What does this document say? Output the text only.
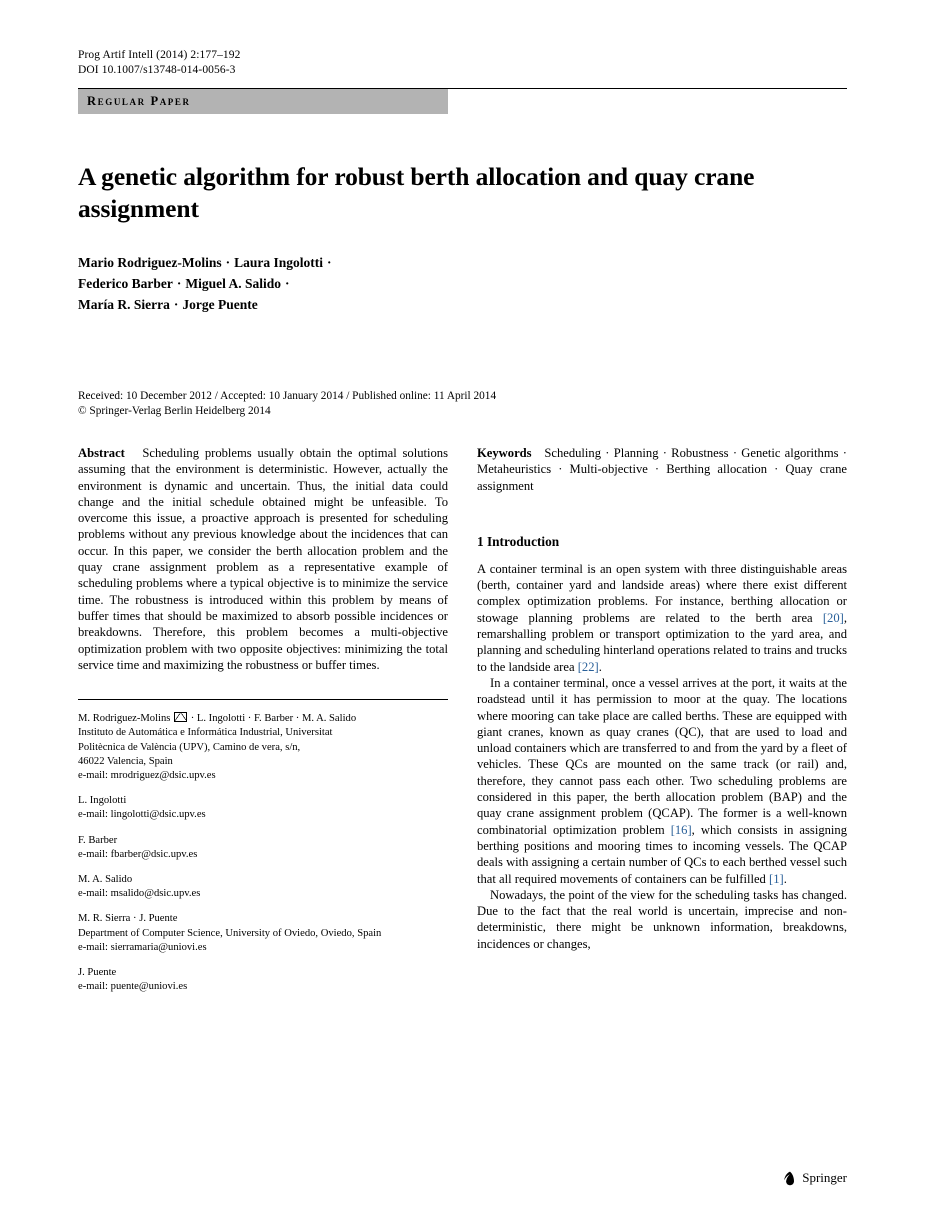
Prog Artif Intell (2014) 2:177–192
DOI 10.1007/s13748-014-0056-3
Regular Paper
A genetic algorithm for robust berth allocation and quay crane assignment
Mario Rodriguez-Molins · Laura Ingolotti ·
Federico Barber · Miguel A. Salido ·
María R. Sierra · Jorge Puente
Received: 10 December 2012 / Accepted: 10 January 2014 / Published online: 11 April 2014
© Springer-Verlag Berlin Heidelberg 2014
Abstract Scheduling problems usually obtain the optimal solutions assuming that the environment is deterministic. However, actually the environment is dynamic and uncertain. Thus, the initial data could change and the initial schedule obtained might be unfeasible. To overcome this issue, a proactive approach is presented for scheduling problems without any previous knowledge about the incidences that can occur. In this paper, we consider the berth allocation problem and the quay crane assignment problem as a representative example of scheduling problems where a typical objective is to minimize the service time. The robustness is introduced within this problem by means of buffer times that should be maximized to absorb possible incidences or breakdowns. Therefore, this problem becomes a multi-objective optimization problem with two opposite objectives: minimizing the total service time and maximizing the robustness or buffer times.

M. Rodriguez-Molins · L. Ingolotti · F. Barber · M. A. Salido
Instituto de Automática e Informática Industrial, Universitat
Politècnica de València (UPV), Camino de vera, s/n,
46022 Valencia, Spain
e-mail: mrodriguez@dsic.upv.es

L. Ingolotti
e-mail: lingolotti@dsic.upv.es

F. Barber
e-mail: fbarber@dsic.upv.es

M. A. Salido
e-mail: msalido@dsic.upv.es

M. R. Sierra · J. Puente
Department of Computer Science, University of Oviedo, Oviedo, Spain
e-mail: sierramaria@uniovi.es

J. Puente
e-mail: puente@uniovi.es

Keywords Scheduling · Planning · Robustness · Genetic algorithms · Metaheuristics · Multi-objective · Berthing allocation · Quay crane assignment
1 Introduction

A container terminal is an open system with three distinguishable areas (berth, container yard and landside areas) where there exist different complex optimization problems. For instance, berthing allocation or stowage planning problems are related to the berth area [20], remarshalling problem or transport optimization to the yard area, and planning and scheduling hinterland operations related to trains and trucks to the landside area [22].

In a container terminal, once a vessel arrives at the port, it waits at the roadstead until it has permission to moor at the quay. The locations where mooring can take place are called berths. These are equipped with giant cranes, known as quay cranes (QC), that are used to load and unload containers which are transferred to and from the yard by a fleet of vehicles. These QCs are mounted on the same track (or rail) and, therefore, they cannot pass each other. Two scheduling problems are considered in this paper, the berth allocation problem (BAP) and the quay crane assignment problem (QCAP). The former is a well-known combinatorial optimization problem [16], which consists in assigning berthing positions and mooring times to incoming vessels. The QCAP deals with assigning a certain number of QCs to each berthed vessel such that all required movements of containers can be fulfilled [1].

Nowadays, the point of the view for the scheduling tasks has changed. Due to the fact that the real world is uncertain, imprecise and non-deterministic, there might be unknown information, breakdowns, incidences or changes,

Springer
